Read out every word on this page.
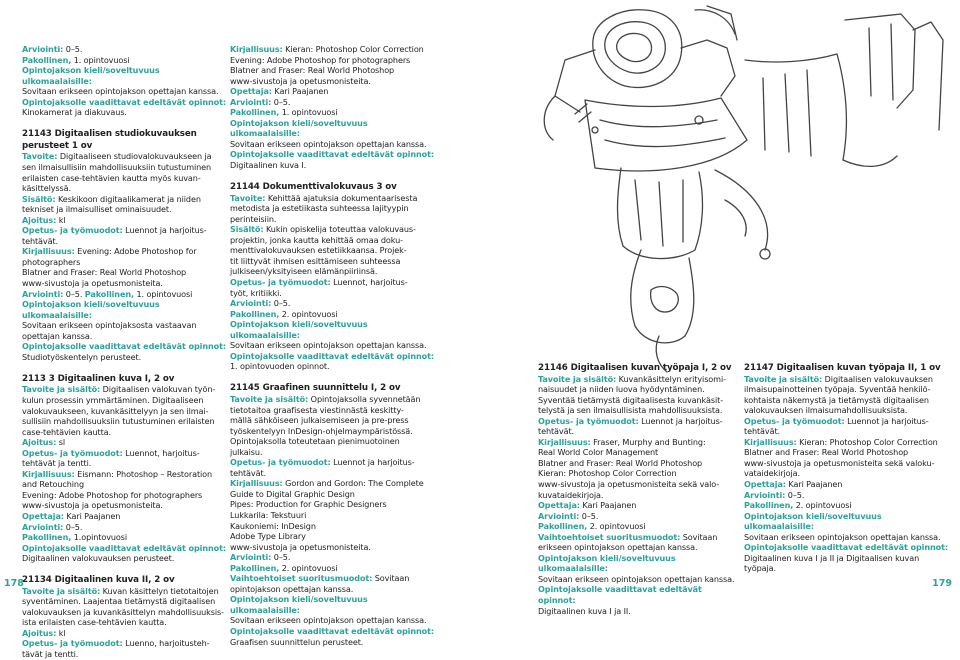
Arviointi: 0–5.

Pakollinen, 1. opintovuosi

Opintojakson kieli/soveltuvuus ulkomaalaisille:

Sovitaan erikseen opintojakson opettajan kanssa.

Opintojaksolle vaadittavat edeltävät opinnot:

Kinokamerat ja diakuvaus.

21143 Digitaalisen studiokuvauksen

perusteet 1 ov

Tavoite: Digitaaliseen studiovalokuvaukseen ja

sen ilmaisullisiin mahdollisuuksiin tutustuminen

erilaisten case-tehtävien kautta myös kuvan-

käsittelyssä.

Sisältö: Keskikoon digitaalikamerat ja niiden

tekniset ja ilmaisulliset ominaisuudet.

Ajoitus: kl

Opetus- ja työmuodot: Luennot ja harjoitus-

tehtävät.

Kirjallisuus: Evening: Adobe Photoshop for

photographers

Blatner and Fraser: Real World Photoshop

www-sivustoja ja opetusmonisteita.

Arviointi: 0–5. Pakollinen, 1. opintovuosi

Opintojakson kieli/soveltuvuus ulkomaalaisille:

Sovitaan erikseen opintojaksosta vastaavan

opettajan kanssa.

Opintojaksolle vaadittavat edeltävät opinnot:

Studiotyöskentelyn perusteet.

2113 3 Digitaalinen kuva I, 2 ov

Tavoite ja sisältö: Digitaalisen valokuvan työn-

kulun prosessin ymmärtäminen. Digitaaliseen

valokuvaukseen, kuvankäsittelyyn ja sen ilmai-

sullisiin mahdollisuuksiin tutustuminen erilaisten

case-tehtävien kautta.

Ajoitus: sl

Opetus- ja työmuodot: Luennot, harjoitus-

tehtävät ja tentti.

Kirjallisuus: Eismann: Photoshop – Restoration

and Retouching

Evening: Adobe Photoshop for photographers

www-sivustoja ja opetusmonisteita.

Opettaja: Kari Paajanen

Arviointi: 0–5.

Pakollinen, 1.opintovuosi

Opintojaksolle vaadittavat edeltävät opinnot:

Digitaalinen valokuvauksen perusteet.

21134 Digitaalinen kuva II, 2 ov

Tavoite ja sisältö: Kuvan käsittelyn tietotaitojen

syventäminen. Laajentaa tietämystä digitaalisen

valokuvauksen ja kuvankäsittelyn mahdollisuuksis-

ista erilaisten case-tehtävien kautta.

Ajoitus: kl

Opetus- ja työmuodot: Luenno, harjoitusteh-

tävät ja tentti.

Kirjallisuus: Kieran: Photoshop Color Correction

Evening: Adobe Photoshop for photographers

Blatner and Fraser: Real World Photoshop

www-sivustoja ja opetusmonisteita.

Opettaja: Kari Paajanen

Arviointi: 0–5.

Pakollinen, 1. opintovuosi

Opintojakson kieli/soveltuvuus ulkomaalaisille:

Sovitaan erikseen opintojakson opettajan kanssa.

Opintojaksolle vaadittavat edeltävät opinnot:

Digitaalinen kuva I.

21144 Dokumenttivalokuvaus 3 ov

Tavoite: Kehittää ajatuksia dokumentaarisesta

metodista ja estetiikasta suhteessa lajityypin

perinteisiin.

Sisältö: Kukin opiskelija toteuttaa valokuvaus-

projektin, jonka kautta kehittää omaa doku-

menttivalokuvauksen estetiikkaansa. Projek-

tit liittyvät ihmisen esittämiseen suhteessa

julkiseen/yksityiseen elämänpiiriinsä.

Opetus- ja työmuodot: Luennot, harjoitus-

työt, kritiikki.

Arviointi: 0–5.

Pakollinen, 2. opintovuosi

Opintojakson kieli/soveltuvuus ulkomaalaisille:

Sovitaan erikseen opintojakson opettajan kanssa.

Opintojaksolle vaadittavat edeltävät opinnot:

1. opintovuoden opinnot.

21145 Graafinen suunnittelu I, 2 ov

Tavoite ja sisältö: Opintojaksolla syvennetään

tietotaitoa graafisesta viestinnästä keskitty-

mällä sähköiseen julkaisemiseen ja pre-press

työskentelyyn InDesign-ohjelmaympäristössä.

Opintojaksolla toteutetaan pienimuotoinen

julkaisu.

Opetus- ja työmuodot: Luennot ja harjoitus-

tehtävät.

Kirjallisuus: Gordon and Gordon: The Complete

Guide to Digital Graphic Design

Pipes: Production for Graphic Designers

Lukkarila: Tekstuuri

Kaukoniemi: InDesign

Adobe Type Library

www-sivustoja ja opetusmonisteita.

Arviointi: 0–5.

Pakollinen, 2. opintovuosi

Vaihtoehtoiset suoritusmuodot: Sovitaan

opintojakson opettajan kanssa.

Opintojakson kieli/soveltuvuus ulkomaalaisille:

Sovitaan erikseen opintojakson opettajan kanssa.

Opintojaksolle vaadittavat edeltävät opinnot:

Graafisen suunnittelun perusteet.

21146 Digitaalisen kuvan työpaja I, 2 ov

Tavoite ja sisältö: Kuvankäsittelyn erityisomi-

naisuudet ja niiden luova hyödyntäminen.

Syventää tietämystä digitaalisesta kuvankäsit-

telystä ja sen ilmaisullisista mahdollisuuksista.

Opetus- ja työmuodot: Luennot ja harjoitus-

tehtävät.

Kirjallisuus: Fraser, Murphy and Bunting:

Real World Color Management

Blatner and Fraser: Real World Photoshop

Kieran: Photoshop Color Correction

www-sivustoja ja opetusmonisteita sekä valo-

kuvataidekirjoja.

Opettaja: Kari Paajanen

Arviointi: 0–5.

Pakollinen, 2. opintovuosi

Vaihtoehtoiset suoritusmuodot: Sovitaan

erikseen opintojakson opettajan kanssa.

Opintojakson kieli/soveltuvuus ulkomaalaisille:

Sovitaan erikseen opintojakson opettajan kanssa.

Opintojaksolle vaadittavat edeltävät opinnot:

Digitaalinen kuva I ja II.

21147 Digitaalisen kuvan työpaja II, 1 ov

Tavoite ja sisältö: Digitaalisen valokuvauksen

ilmaisupainotteinen työpaja. Syventää henkilö-

kohtaista näkemystä ja tietämystä digitaalisen

valokuvauksen ilmaisumahdollisuuksista.

Opetus- ja työmuodot: Luennot ja harjoitus-

tehtävät.

Kirjallisuus: Kieran: Photoshop Color Correction

Blatner and Fraser: Real World Photoshop

www-sivustoja ja opetusmonisteita sekä valoku-

vataidekirjoja.

Opettaja: Kari Paajanen

Arviointi: 0–5.

Pakollinen, 2. opintovuosi

Opintojakson kieli/soveltuvuus ulkomaalaisille:

Sovitaan erikseen opintojakson opettajan kanssa.

Opintojaksolle vaadittavat edeltävät opinnot:

Digitaalinen kuva I ja II ja Digitaalisen kuvan

työpaja.

178	179
